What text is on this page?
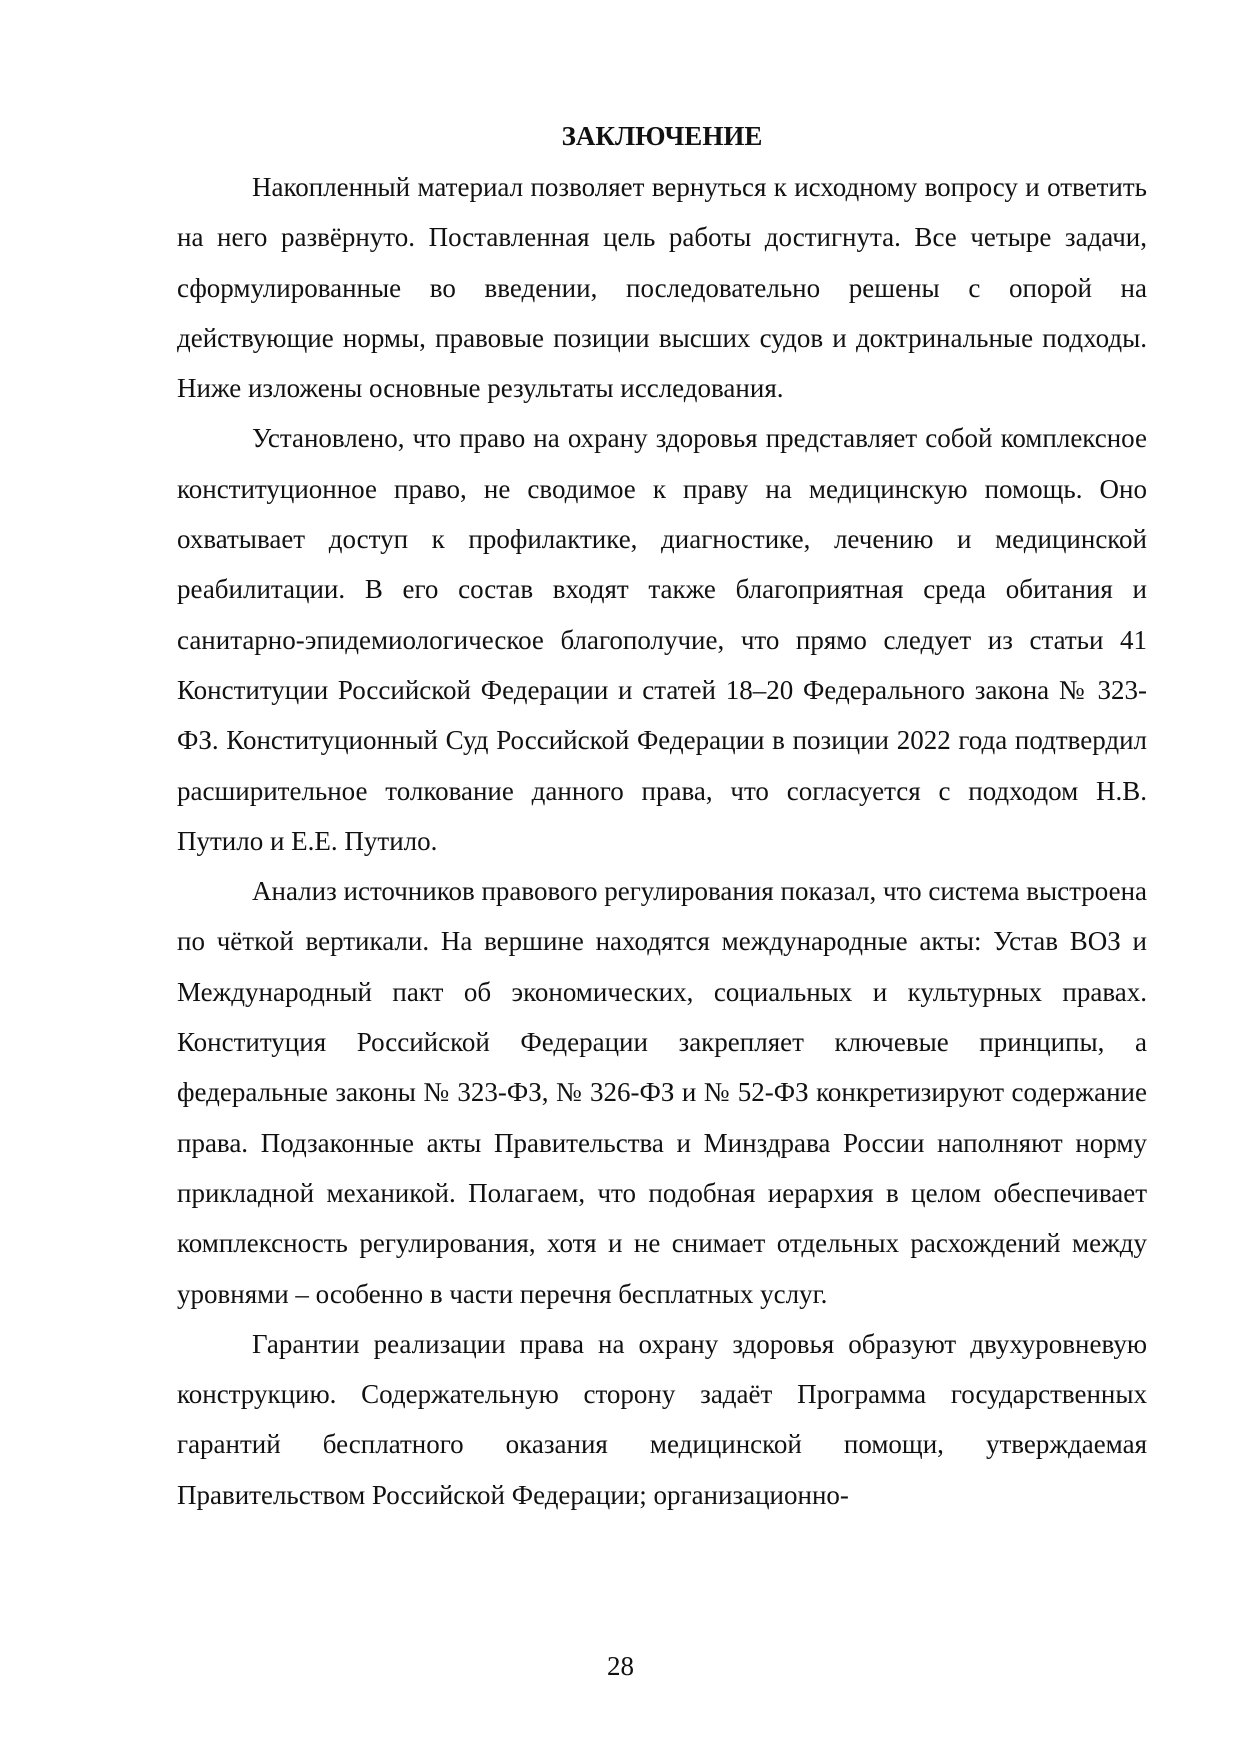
ЗАКЛЮЧЕНИЕ

Накопленный материал позволяет вернуться к исходному вопросу и ответить на него развёрнуто. Поставленная цель работы достигнута. Все четыре задачи, сформулированные во введении, последовательно решены с опорой на действующие нормы, правовые позиции высших судов и доктринальные подходы. Ниже изложены основные результаты исследования.

Установлено, что право на охрану здоровья представляет собой комплексное конституционное право, не сводимое к праву на медицинскую помощь. Оно охватывает доступ к профилактике, диагностике, лечению и медицинской реабилитации. В его состав входят также благоприятная среда обитания и санитарно-эпидемиологическое благополучие, что прямо следует из статьи 41 Конституции Российской Федерации и статей 18–20 Федерального закона № 323-ФЗ. Конституционный Суд Российской Федерации в позиции 2022 года подтвердил расширительное толкование данного права, что согласуется с подходом Н.В. Путило и Е.Е. Путило.

Анализ источников правового регулирования показал, что система выстроена по чёткой вертикали. На вершине находятся международные акты: Устав ВОЗ и Международный пакт об экономических, социальных и культурных правах. Конституция Российской Федерации закрепляет ключевые принципы, а федеральные законы № 323-ФЗ, № 326-ФЗ и № 52-ФЗ конкретизируют содержание права. Подзаконные акты Правительства и Минздрава России наполняют норму прикладной механикой. Полагаем, что подобная иерархия в целом обеспечивает комплексность регулирования, хотя и не снимает отдельных расхождений между уровнями – особенно в части перечня бесплатных услуг.

Гарантии реализации права на охрану здоровья образуют двухуровневую конструкцию. Содержательную сторону задаёт Программа государственных гарантий бесплатного оказания медицинской помощи, утверждаемая Правительством Российской Федерации; организационно-

28
